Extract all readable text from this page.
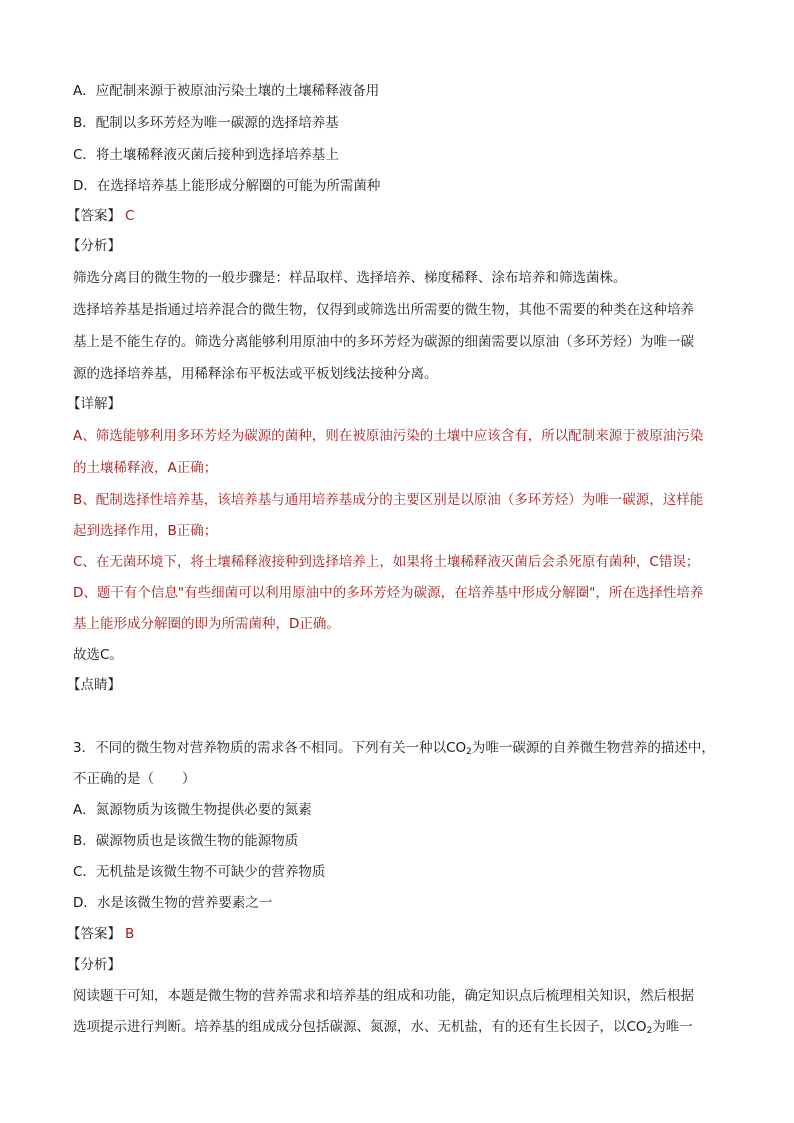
A．应配制来源于被原油污染土壤的土壤稀释液备用
B．配制以多环芳烃为唯一碳源的选择培养基
C．将土壤稀释液灭菌后接种到选择培养基上
D．在选择培养基上能形成分解圈的可能为所需菌种
【答案】 C
【分析】
筛选分离目的微生物的一般步骤是：样品取样、选择培养、梯度稀释、涂布培养和筛选菌株。
选择培养基是指通过培养混合的微生物，仅得到或筛选出所需要的微生物，其他不需要的种类在这种培养
基上是不能生存的。筛选分离能够利用原油中的多环芳烃为碳源的细菌需要以原油（多环芳烃）为唯一碳
源的选择培养基，用稀释涂布平板法或平板划线法接种分离。
【详解】
A、筛选能够利用多环芳烃为碳源的菌种，则在被原油污染的土壤中应该含有，所以配制来源于被原油污染
的土壤稀释液，A正确；
B、配制选择性培养基，该培养基与通用培养基成分的主要区别是以原油（多环芳烃）为唯一碳源，这样能
起到选择作用，B正确；
C、在无菌环境下，将土壤稀释液接种到选择培养上，如果将土壤稀释液灭菌后会杀死原有菌种，C错误；
D、题干有个信息"有些细菌可以利用原油中的多环芳烃为碳源，在培养基中形成分解圈"，所在选择性培养
基上能形成分解圈的即为所需菌种，D正确。
故选C。
【点睛】
3．不同的微生物对营养物质的需求各不相同。下列有关一种以$CO_2$为唯一碳源的自养微生物营养的描述中，
不正确的是（ ）
A．氮源物质为该微生物提供必要的氮素
B．碳源物质也是该微生物的能源物质
C．无机盐是该微生物不可缺少的营养物质
D．水是该微生物的营养要素之一
【答案】 B
【分析】
阅读题干可知，本题是微生物的营养需求和培养基的组成和功能，确定知识点后梳理相关知识，然后根据
选项提示进行判断。培养基的组成成分包括碳源、氮源，水、无机盐，有的还有生长因子，以$CO_2$为唯一
